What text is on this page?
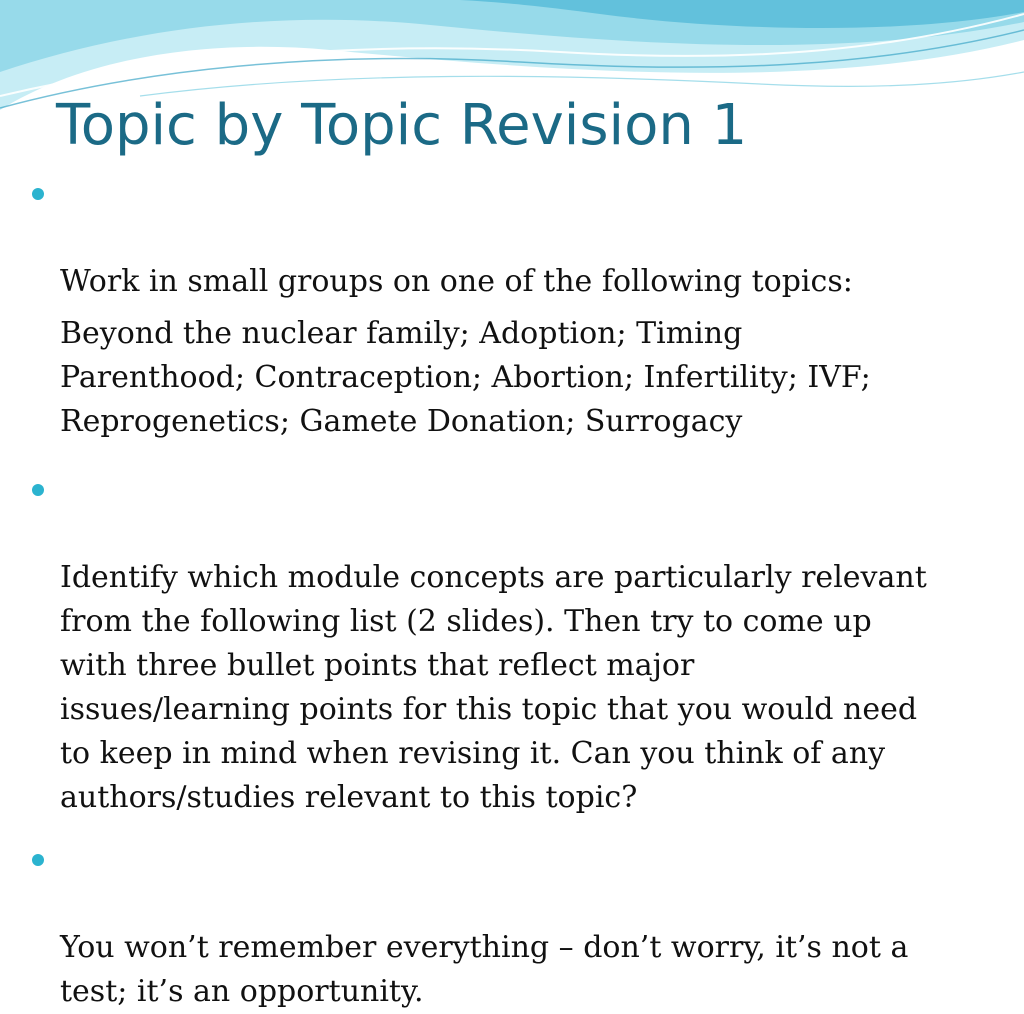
Topic by Topic Revision 1

Work in small groups on one of the following topics:

Beyond the nuclear family; Adoption; Timing
Parenthood; Contraception; Abortion; Infertility; IVF;
Reprogenetics; Gamete Donation; Surrogacy

Identify which module concepts are particularly relevant
from the following list (2 slides). Then try to come up
with three bullet points that reflect major
issues/learning points for this topic that you would need
to keep in mind when revising it. Can you think of any
authors/studies relevant to this topic?

You won’t remember everything – don’t worry, it’s not a
test; it’s an opportunity.
